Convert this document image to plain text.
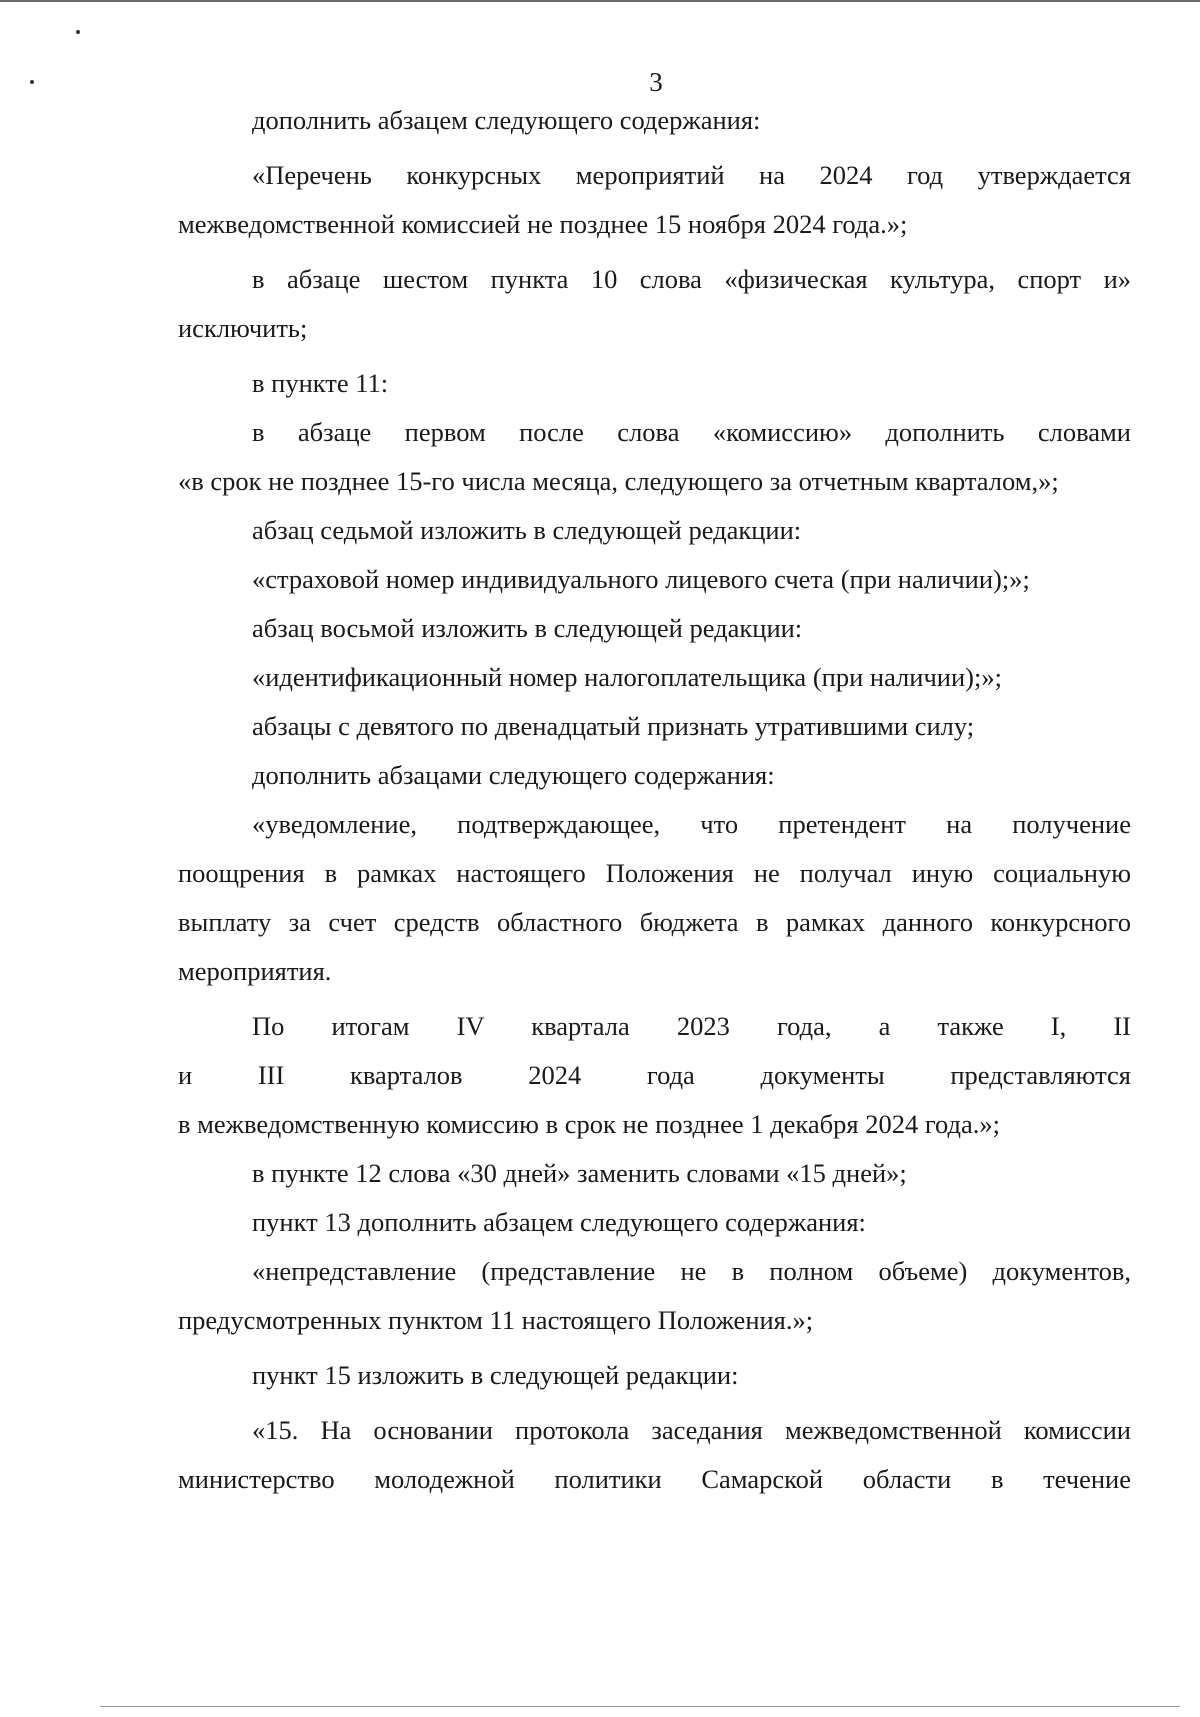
3
дополнить абзацем следующего содержания:
«Перечень конкурсных мероприятий на 2024 год утверждается
межведомственной комиссией не позднее 15 ноября 2024 года.»;
в абзаце шестом пункта 10 слова «физическая культура, спорт и»
исключить;
в пункте 11:
в абзаце первом после слова «комиссию» дополнить словами
«в срок не позднее 15-го числа месяца, следующего за отчетным кварталом,»;
абзац седьмой изложить в следующей редакции:
«страховой номер индивидуального лицевого счета (при наличии);»;
абзац восьмой изложить в следующей редакции:
«идентификационный номер налогоплательщика (при наличии);»;
абзацы с девятого по двенадцатый признать утратившими силу;
дополнить абзацами следующего содержания:
«уведомление, подтверждающее, что претендент на получение
поощрения в рамках настоящего Положения не получал иную социальную
выплату за счет средств областного бюджета в рамках данного конкурсного
мероприятия.
По итогам IV квартала 2023 года, а также I, II
и III кварталов 2024 года документы представляются
в межведомственную комиссию в срок не позднее 1 декабря 2024 года.»;
в пункте 12 слова «30 дней» заменить словами «15 дней»;
пункт 13 дополнить абзацем следующего содержания:
«непредставление (представление не в полном объеме) документов,
предусмотренных пунктом 11 настоящего Положения.»;
пункт 15 изложить в следующей редакции:
«15. На основании протокола заседания межведомственной комиссии
министерство молодежной политики Самарской области в течение
